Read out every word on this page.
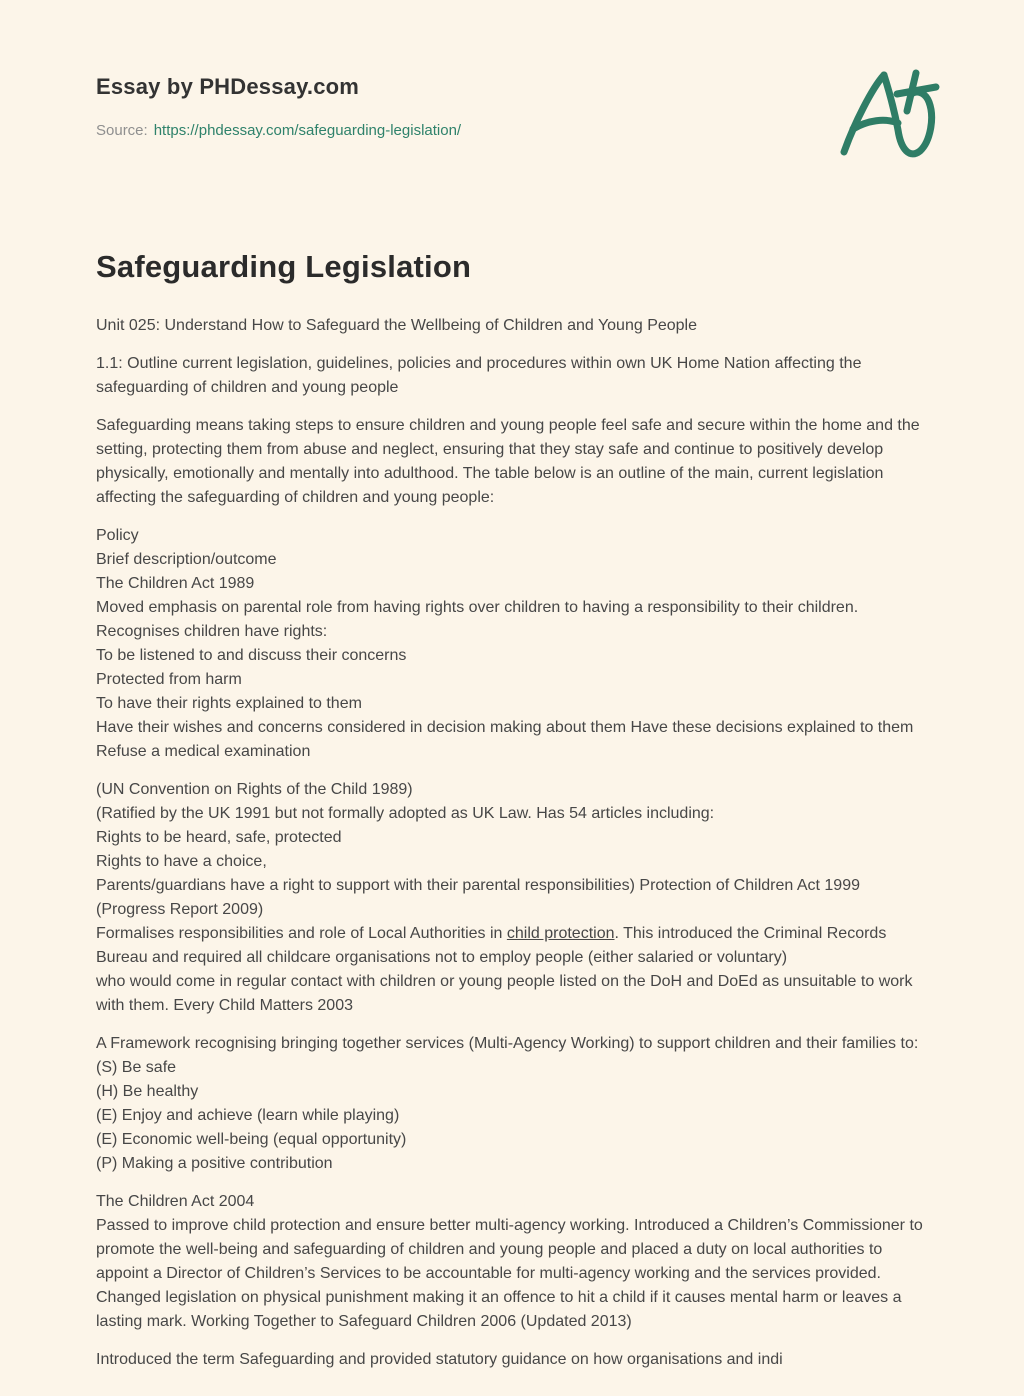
Essay by PHDessay.com
Source: https://phdessay.com/safeguarding-legislation/
Safeguarding Legislation

Unit 025: Understand How to Safeguard the Wellbeing of Children and Young People

1.1: Outline current legislation, guidelines, policies and procedures within own UK Home Nation affecting the safeguarding of children and young people

Safeguarding means taking steps to ensure children and young people feel safe and secure within the home and the setting, protecting them from abuse and neglect, ensuring that they stay safe and continue to positively develop physically, emotionally and mentally into adulthood. The table below is an outline of the main, current legislation affecting the safeguarding of children and young people:

Policy
Brief description/outcome
The Children Act 1989
Moved emphasis on parental role from having rights over children to having a responsibility to their children.
Recognises children have rights:
To be listened to and discuss their concerns
Protected from harm
To have their rights explained to them
Have their wishes and concerns considered in decision making about them Have these decisions explained to them
Refuse a medical examination

(UN Convention on Rights of the Child 1989)
(Ratified by the UK 1991 but not formally adopted as UK Law. Has 54 articles including:
Rights to be heard, safe, protected
Rights to have a choice,
Parents/guardians have a right to support with their parental responsibilities) Protection of Children Act 1999 (Progress Report 2009)
Formalises responsibilities and role of Local Authorities in child protection. This introduced the Criminal Records Bureau and required all childcare organisations not to employ people (either salaried or voluntary)
who would come in regular contact with children or young people listed on the DoH and DoEd as unsuitable to work with them. Every Child Matters 2003

A Framework recognising bringing together services (Multi-Agency Working) to support children and their families to: (S) Be safe
(H) Be healthy
(E) Enjoy and achieve (learn while playing)
(E) Economic well-being (equal opportunity)
(P) Making a positive contribution

The Children Act 2004
Passed to improve child protection and ensure better multi-agency working. Introduced a Children’s Commissioner to promote the well-being and safeguarding of children and young people and placed a duty on local authorities to appoint a Director of Children’s Services to be accountable for multi-agency working and the services provided. Changed legislation on physical punishment making it an offence to hit a child if it causes mental harm or leaves a lasting mark. Working Together to Safeguard Children 2006 (Updated 2013)

Introduced the term Safeguarding and provided statutory guidance on how organisations and indi
